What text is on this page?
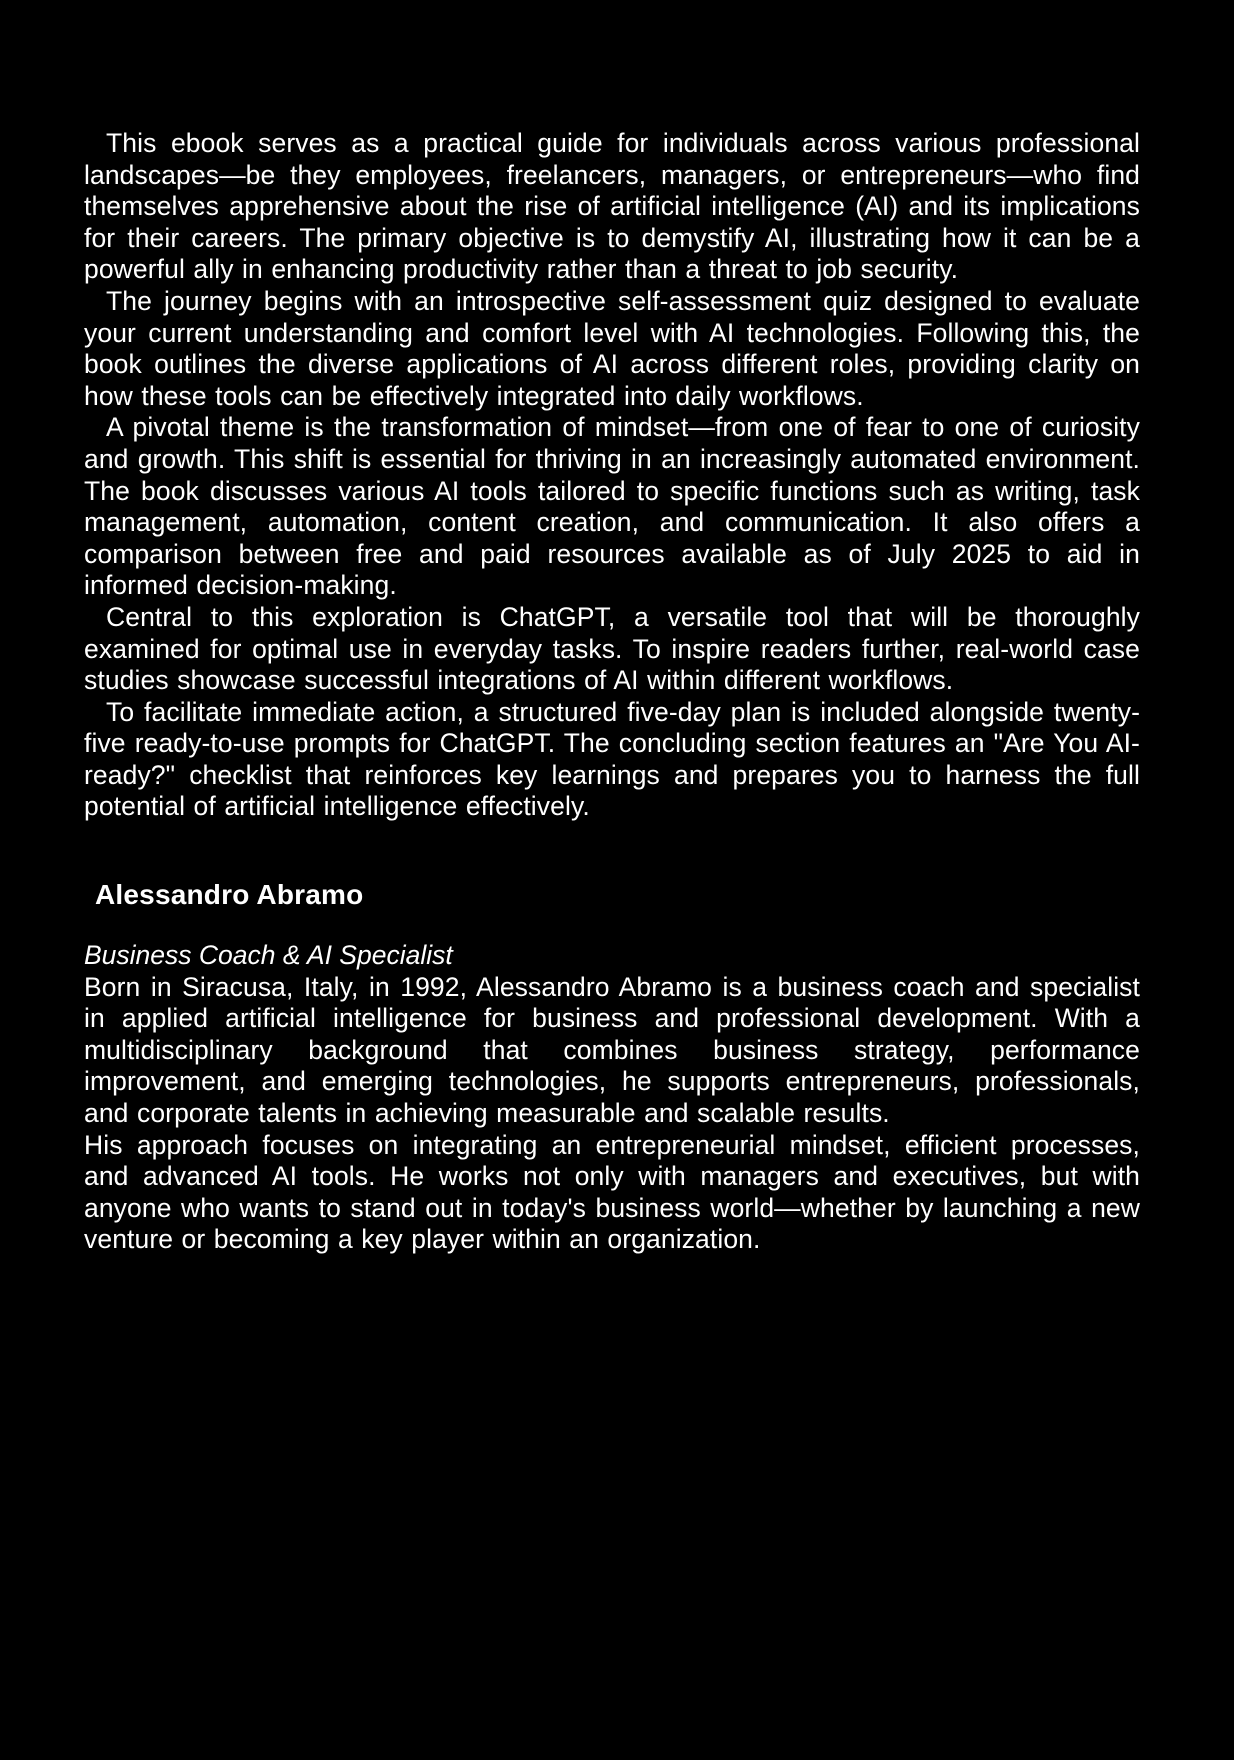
This ebook serves as a practical guide for individuals across various professional landscapes—be they employees, freelancers, managers, or entrepreneurs—who find themselves apprehensive about the rise of artificial intelligence (AI) and its implications for their careers. The primary objective is to demystify AI, illustrating how it can be a powerful ally in enhancing productivity rather than a threat to job security.

The journey begins with an introspective self-assessment quiz designed to evaluate your current understanding and comfort level with AI technologies. Following this, the book outlines the diverse applications of AI across different roles, providing clarity on how these tools can be effectively integrated into daily workflows.

A pivotal theme is the transformation of mindset—from one of fear to one of curiosity and growth. This shift is essential for thriving in an increasingly automated environment. The book discusses various AI tools tailored to specific functions such as writing, task management, automation, content creation, and communication. It also offers a comparison between free and paid resources available as of July 2025 to aid in informed decision-making.

Central to this exploration is ChatGPT, a versatile tool that will be thoroughly examined for optimal use in everyday tasks. To inspire readers further, real-world case studies showcase successful integrations of AI within different workflows.

To facilitate immediate action, a structured five-day plan is included alongside twenty-five ready-to-use prompts for ChatGPT. The concluding section features an "Are You AI-ready?" checklist that reinforces key learnings and prepares you to harness the full potential of artificial intelligence effectively.

Alessandro Abramo

Business Coach & AI Specialist

Born in Siracusa, Italy, in 1992, Alessandro Abramo is a business coach and specialist in applied artificial intelligence for business and professional development. With a multidisciplinary background that combines business strategy, performance improvement, and emerging technologies, he supports entrepreneurs, professionals, and corporate talents in achieving measurable and scalable results.

His approach focuses on integrating an entrepreneurial mindset, efficient processes, and advanced AI tools. He works not only with managers and executives, but with anyone who wants to stand out in today's business world—whether by launching a new venture or becoming a key player within an organization.
